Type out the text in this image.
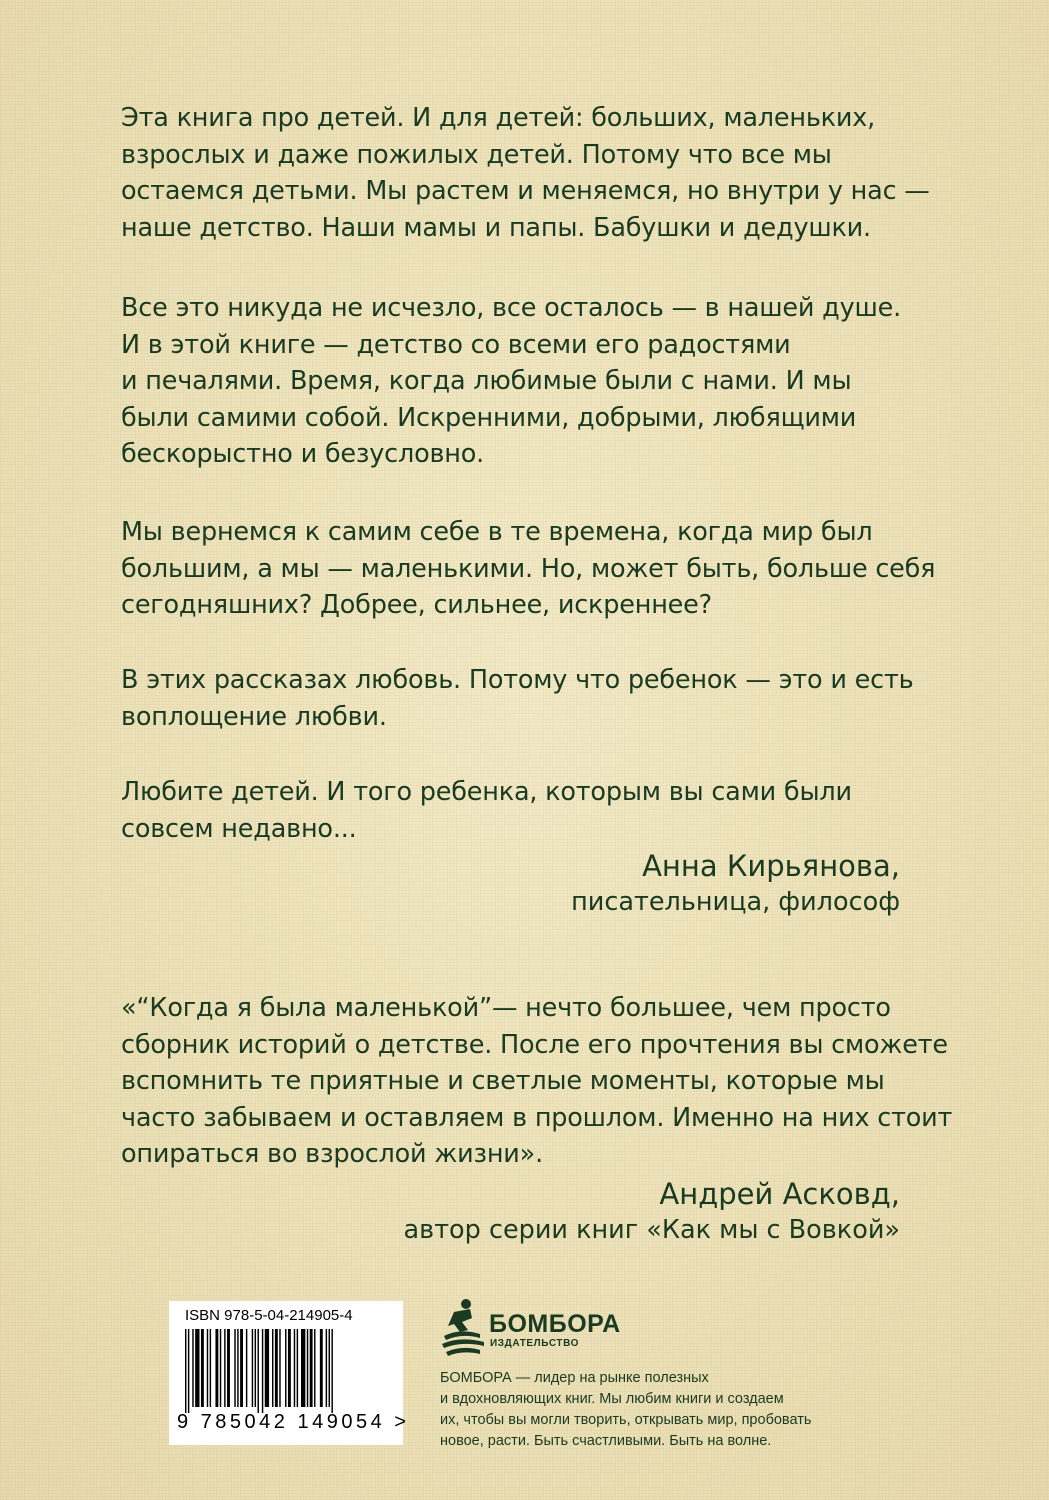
Эта книга про детей. И для детей: больших, маленьких,
взрослых и даже пожилых детей. Потому что все мы
остаемся детьми. Мы растем и меняемся, но внутри у нас —
наше детство. Наши мамы и папы. Бабушки и дедушки.
Все это никуда не исчезло, все осталось — в нашей душе.
И в этой книге — детство со всеми его радостями
и печалями. Время, когда любимые были с нами. И мы
были самими собой. Искренними, добрыми, любящими
бескорыстно и безусловно.
Мы вернемся к самим себе в те времена, когда мир был
большим, а мы — маленькими. Но, может быть, больше себя
сегодняшних? Добрее, сильнее, искреннее?
В этих рассказах любовь. Потому что ребенок — это и есть
воплощение любви.
Любите детей. И того ребенка, которым вы сами были
совсем недавно...
Анна Кирьянова,
писательница, философ
«“Когда я была маленькой”— нечто большее, чем просто
сборник историй о детстве. После его прочтения вы сможете
вспомнить те приятные и светлые моменты, которые мы
часто забываем и оставляем в прошлом. Именно на них стоит
опираться во взрослой жизни».
Андрей Асковд,
автор серии книг «Как мы с Вовкой»
ISBN 978-5-04-214905-4
9 785042 149054 >
БОМБОРА
ИЗДАТЕЛЬСТВО
БОМБОРА — лидер на рынке полезных
и вдохновляющих книг. Мы любим книги и создаем
их, чтобы вы могли творить, открывать мир, пробовать
новое, расти. Быть счастливыми. Быть на волне.
